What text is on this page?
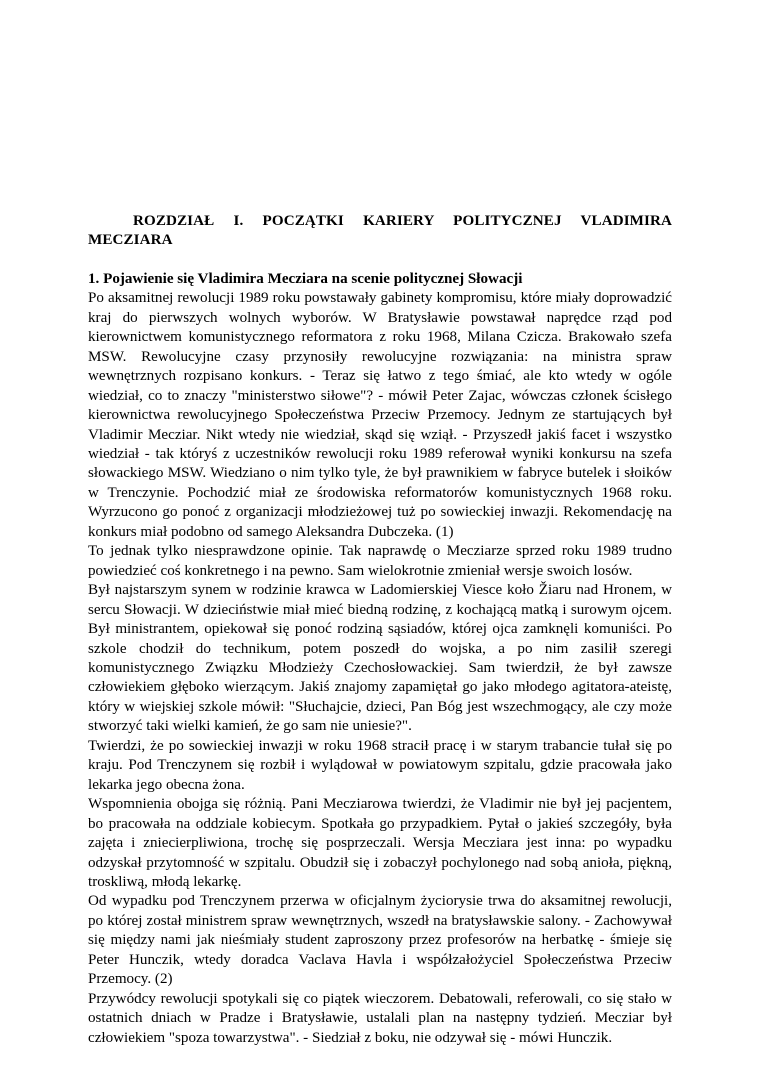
ROZDZIAŁ I. POCZĄTKI KARIERY POLITYCZNEJ VLADIMIRA MECZIARA

1. Pojawienie się Vladimira Mecziara na scenie politycznej Słowacji

Po aksamitnej rewolucji 1989 roku powstawały gabinety kompromisu, które miały doprowadzić kraj do pierwszych wolnych wyborów. W Bratysławie powstawał naprędce rząd pod kierownictwem komunistycznego reformatora z roku 1968, Milana Czicza. Brakowało szefa MSW. Rewolucyjne czasy przynosiły rewolucyjne rozwiązania: na ministra spraw wewnętrznych rozpisano konkurs. - Teraz się łatwo z tego śmiać, ale kto wtedy w ogóle wiedział, co to znaczy "ministerstwo siłowe"? - mówił Peter Zajac, wówczas członek ścisłego kierownictwa rewolucyjnego Społeczeństwa Przeciw Przemocy. Jednym ze startujących był Vladimir Mecziar. Nikt wtedy nie wiedział, skąd się wziął. - Przyszedł jakiś facet i wszystko wiedział - tak któryś z uczestników rewolucji roku 1989 referował wyniki konkursu na szefa słowackiego MSW. Wiedziano o nim tylko tyle, że był prawnikiem w fabryce butelek i słoików w Trenczynie. Pochodzić miał ze środowiska reformatorów komunistycznych 1968 roku. Wyrzucono go ponoć z organizacji młodzieżowej tuż po sowieckiej inwazji. Rekomendację na konkurs miał podobno od samego Aleksandra Dubczeka. (1)

To jednak tylko niesprawdzone opinie. Tak naprawdę o Mecziarze sprzed roku 1989 trudno powiedzieć coś konkretnego i na pewno. Sam wielokrotnie zmieniał wersje swoich losów.

Był najstarszym synem w rodzinie krawca w Ladomierskiej Viesce koło Žiaru nad Hronem, w sercu Słowacji. W dzieciństwie miał mieć biedną rodzinę, z kochającą matką i surowym ojcem. Był ministrantem, opiekował się ponoć rodziną sąsiadów, której ojca zamknęli komuniści. Po szkole chodził do technikum, potem poszedł do wojska, a po nim zasilił szeregi komunistycznego Związku Młodzieży Czechosłowackiej. Sam twierdził, że był zawsze człowiekiem głęboko wierzącym. Jakiś znajomy zapamiętał go jako młodego agitatora-ateistę, który w wiejskiej szkole mówił: "Słuchajcie, dzieci, Pan Bóg jest wszechmogący, ale czy może stworzyć taki wielki kamień, że go sam nie uniesie?".

Twierdzi, że po sowieckiej inwazji w roku 1968 stracił pracę i w starym trabancie tułał się po kraju. Pod Trenczynem się rozbił i wylądował w powiatowym szpitalu, gdzie pracowała jako lekarka jego obecna żona.

Wspomnienia obojga się różnią. Pani Mecziarowa twierdzi, że Vladimir nie był jej pacjentem, bo pracowała na oddziale kobiecym. Spotkała go przypadkiem. Pytał o jakieś szczegóły, była zajęta i zniecierpliwiona, trochę się posprzeczali. Wersja Mecziara jest inna: po wypadku odzyskał przytomność w szpitalu. Obudził się i zobaczył pochylonego nad sobą anioła, piękną, troskliwą, młodą lekarkę.

Od wypadku pod Trenczynem przerwa w oficjalnym życiorysie trwa do aksamitnej rewolucji, po której został ministrem spraw wewnętrznych, wszedł na bratysławskie salony. - Zachowywał się między nami jak nieśmiały student zaproszony przez profesorów na herbatkę - śmieje się Peter Hunczik, wtedy doradca Vaclava Havla i współzałożyciel Społeczeństwa Przeciw Przemocy. (2)

Przywódcy rewolucji spotykali się co piątek wieczorem. Debatowali, referowali, co się stało w ostatnich dniach w Pradze i Bratysławie, ustalali plan na następny tydzień. Mecziar był człowiekiem "spoza towarzystwa". - Siedział z boku, nie odzywał się - mówi Hunczik.
